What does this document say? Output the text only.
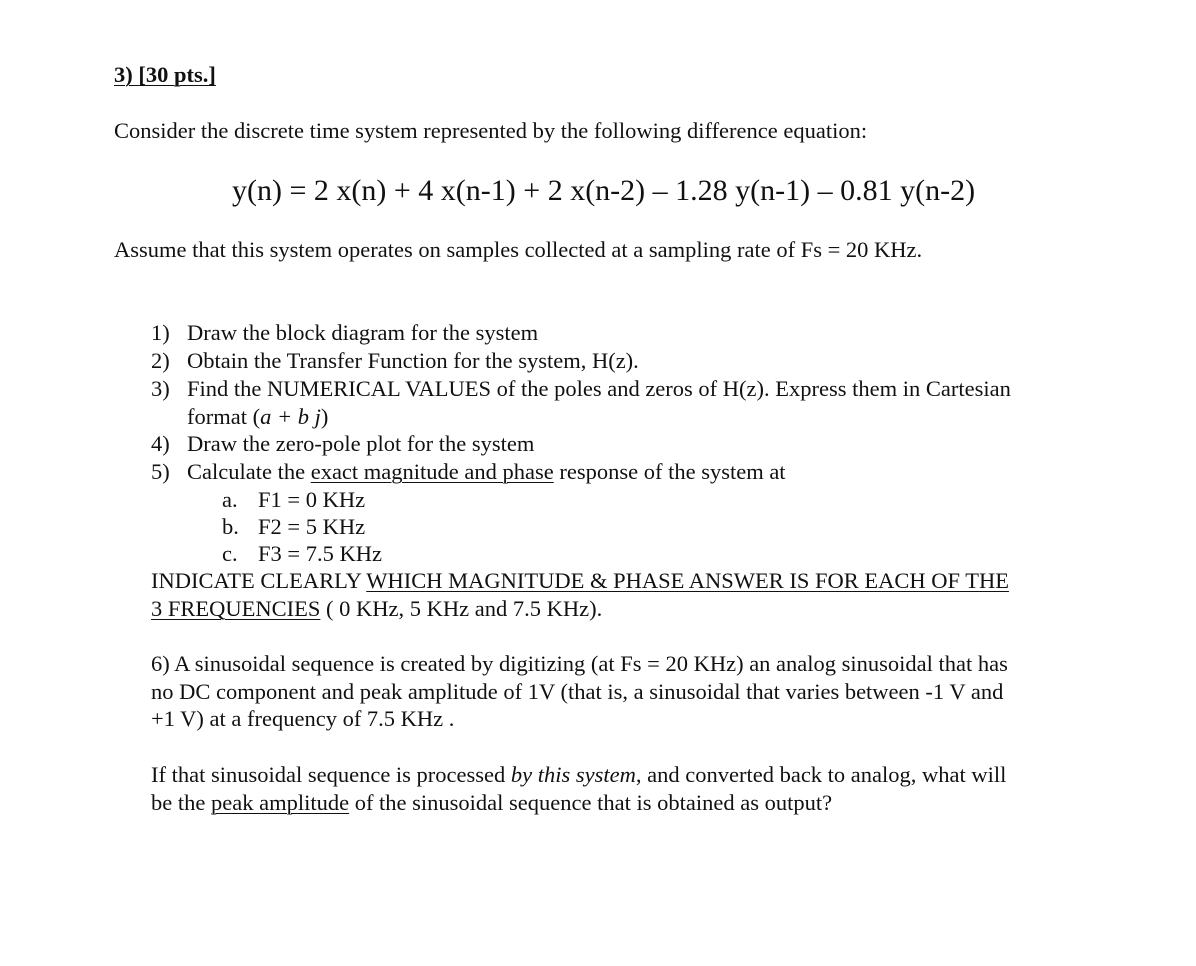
3) [30 pts.]
Consider the discrete time system represented by the following difference equation:
y(n) = 2 x(n) + 4 x(n-1) + 2 x(n-2) – 1.28 y(n-1) – 0.81 y(n-2)
Assume that this system operates on samples collected at a sampling rate of Fs = 20 KHz.
1) Draw the block diagram for the system
2) Obtain the Transfer Function for the system, H(z).
3) Find the NUMERICAL VALUES of the poles and zeros of H(z). Express them in Cartesian
format (a + b j)
4) Draw the zero-pole plot for the system
5) Calculate the exact magnitude and phase response of the system at
a. F1 = 0 KHz
b. F2 = 5 KHz
c. F3 = 7.5 KHz
INDICATE CLEARLY WHICH MAGNITUDE & PHASE ANSWER IS FOR EACH OF THE
3 FREQUENCIES ( 0 KHz, 5 KHz and 7.5 KHz).
6) A sinusoidal sequence is created by digitizing (at Fs = 20 KHz) an analog sinusoidal that has
no DC component and peak amplitude of 1V (that is, a sinusoidal that varies between -1 V and
+1 V) at a frequency of 7.5 KHz .
If that sinusoidal sequence is processed by this system, and converted back to analog, what will
be the peak amplitude of the sinusoidal sequence that is obtained as output?
